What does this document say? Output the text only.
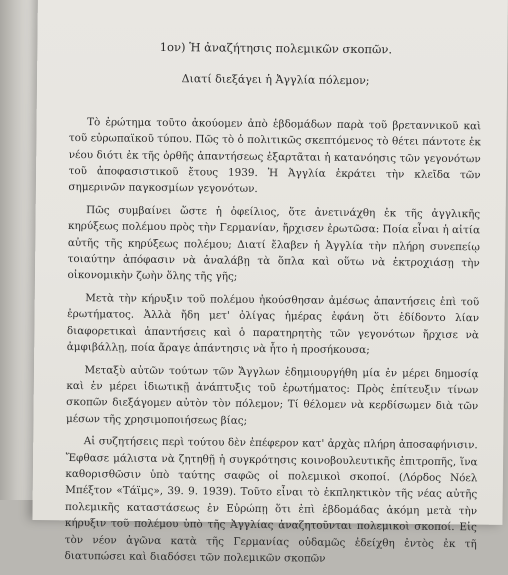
1ον) Ἡ ἀναζήτησις πολεμικῶν σκοπῶν.
Διατί διεξάγει ἡ Ἀγγλία πόλεμον;

Τὸ ἐρώτημα τοῦτο ἀκούομεν ἀπὸ ἑβδομάδων παρὰ τοῦ βρεταννικοῦ καὶ τοῦ εὐρωπαϊκοῦ τύπου. Πῶς τὸ ὁ πολιτικῶς σκεπτόμενος τὸ θέτει πάντοτε ἐκ νέου διότι ἐκ τῆς ὀρθῆς ἀπαντήσεως ἐξαρτᾶται ἡ κατανόησις τῶν γεγονότων τοῦ ἀποφασιστικοῦ ἔτους 1939. Ἡ Ἀγγλία ἐκράτει τὴν κλεῖδα τῶν σημερινῶν παγκοσμίων γεγονότων.

Πῶς συμβαίνει ὥστε ἡ ὀφείλιος, ὅτε ἀνετινάχθη ἐκ τῆς ἀγγλικῆς κηρύξεως πολέμου πρὸς τὴν Γερμανίαν, ἤρχισεν ἐρωτῶσα: Ποία εἶναι ἡ αἰτία αὐτῆς τῆς κηρύξεως πολέμου; Διατί ἔλαβεν ἡ Ἀγγλία τὴν πλήρη συνεπείῳ τοιαύτην ἀπόφασιν νὰ ἀναλάβῃ τὰ ὅπλα καὶ οὕτω νὰ ἐκτροχιάσῃ τὴν οἰκονομικὴν ζωὴν ὅλης τῆς γῆς;

Μετὰ τὴν κήρυξιν τοῦ πολέμου ἠκούσθησαν ἀμέσως ἀπαντήσεις ἐπὶ τοῦ ἐρωτήματος. Ἀλλὰ ἤδη μετ' ὀλίγας ἡμέρας ἐφάνη ὅτι ἐδίδοντο λίαν διαφορετικαὶ ἀπαντήσεις καὶ ὁ παρατηρητὴς τῶν γεγονότων ἤρχισε νὰ ἀμφιβάλλῃ, ποία ἄραγε ἀπάντησις νὰ ἦτο ἡ προσήκουσα;

Μεταξὺ αὐτῶν τούτων τῶν Ἄγγλων ἐδημιουργήθη μία ἐν μέρει δημοσίᾳ καὶ ἐν μέρει ἰδιωτικῇ ἀνάπτυξις τοῦ ἐρωτήματος: Πρὸς ἐπίτευξιν τίνων σκοπῶν διεξάγομεν αὐτὸν τὸν πόλεμον; Τί θέλομεν νὰ κερδίσωμεν διὰ τῶν μέσων τῆς χρησιμοποιήσεως βίας;

Αἱ συζητήσεις περὶ τούτου δὲν ἐπέφερον κατ' ἀρχὰς πλήρη ἀποσαφήνισιν. Ἔφθασε μάλιστα νὰ ζητηθῇ ἡ συγκρότησις κοινοβουλευτικῆς ἐπιτροπῆς, ἵνα καθορισθῶσιν ὑπὸ ταύτης σαφῶς οἱ πολεμικοὶ σκοποί. (Λόρδος Νόελ Μπέξτον «Τάϊμς», 39. 9. 1939). Τοῦτο εἶναι τὸ ἐκπληκτικὸν τῆς νέας αὐτῆς πολεμικῆς καταστάσεως ἐν Εὐρώπῃ ὅτι ἐπὶ ἑβδομάδας ἀκόμη μετὰ τὴν κήρυξιν τοῦ πολέμου ὑπὸ τῆς Ἀγγλίας ἀναζητοῦνται πολεμικοὶ σκοποί. Εἰς τὸν νέον ἀγῶνα κατὰ τῆς Γερμανίας οὐδαμῶς ἐδείχθη ἐντὸς ἐκ τῆ διατυπώσει καὶ διαδόσει τῶν πολεμικῶν σκοπῶν
